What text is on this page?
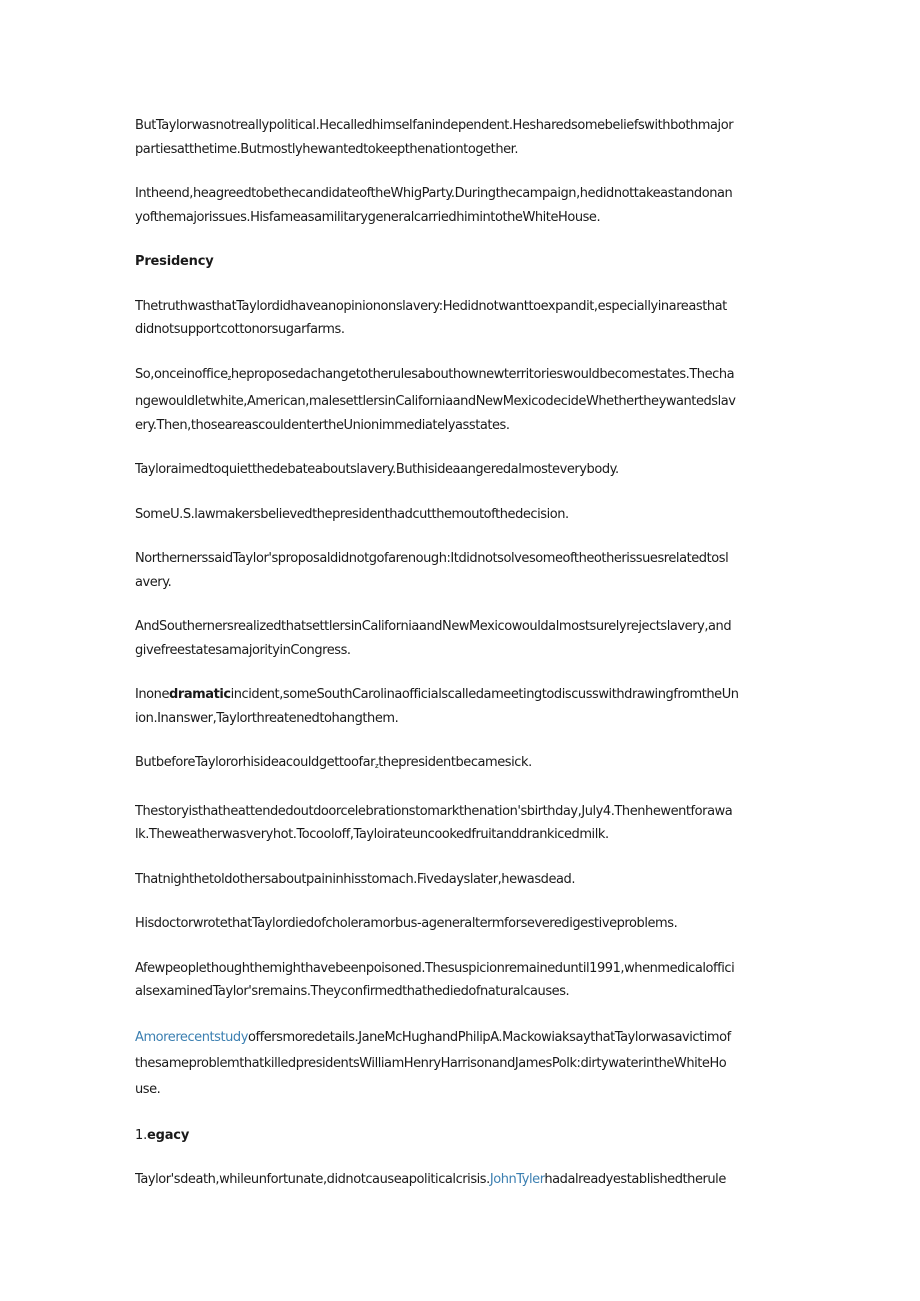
ButTaylorwasnotreallypolitical.Hecalledhimselfanindependent.Hesharedsomebeliefswithbothmajor
partiesatthetime.Butmostlyhewantedtokeepthenationtogether.
Intheend,heagreedtobethecandidateoftheWhigParty.Duringthecampaign,hedidnottakeastandonan
yofthemajorissues.HisfameasamilitarygeneralcarriedhimintotheWhiteHouse.
Presidency
ThetruthwasthatTaylordidhaveanopiniononslavery:Hedidnotwanttoexpandit,especiallyinareasthat
didnotsupportcottonorsugarfarms.
So,onceinoffice$_z$heproposedachangetotherulesabouthownewterritorieswouldbecomestates.Thecha
ngewouldletwhite,American,malesettlersinCaliforniaandNewMexicodecideWhethertheywantedslav
ery.Then,thoseareascouldentertheUnionimmediatelyasstates.
Tayloraimedtoquietthedebateaboutslavery.Buthisideaangeredalmosteverybody.
SomeU.S.lawmakersbelievedthepresidenthadcutthemoutofthedecision.
NorthernerssaidTaylor'sproposaldidnotgofarenough:Itdidnotsolvesomeoftheotherissuesrelatedtosl
avery.
AndSouthernersrealizedthatsettlersinCaliforniaandNewMexicowouldalmostsurelyrejectslavery,and
givefreestatesamajorityinCongress.
Inonedramaticincident,someSouthCarolinaofficialscalledameetingtodiscusswithdrawingfromtheUn
ion.Inanswer,Taylorthreatenedtohangthem.
ButbeforeTaylororhisideacouldgettoofar$_z$thepresidentbecamesick.
Thestoryisthatheattendedoutdoorcelebrationstomarkthenation'sbirthday,July4.Thenhewentforawa
lk.Theweatherwasveryhot.Tocooloff,Tayloirateuncookedfruitanddrankicedmilk.
Thatnighthetoldothersaboutpaininhisstomach.Fivedayslater,hewasdead.
HisdoctorwrotethatTaylordiedofcholeramorbus-ageneraltermforseveredigestiveproblems.
Afewpeoplethoughthemighthavebeenpoisoned.Thesuspicionremaineduntil1991,whenmedicaloffici
alsexaminedTaylor'sremains.Theyconfirmedthathediedofnaturalcauses.
Amorerecentstudyoffersmoredetails.JaneMcHughandPhilipA.MackowiaksaythatTaylorwasavictimof
thesameproblemthatkilledpresidentsWilliamHenryHarrisonandJamesPolk:dirtywaterintheWhiteHo
use.
1.egacy
Taylor'sdeath,whileunfortunate,didnotcauseapoliticalcrisis.JohnTylerhadalreadyestablishedtherule
